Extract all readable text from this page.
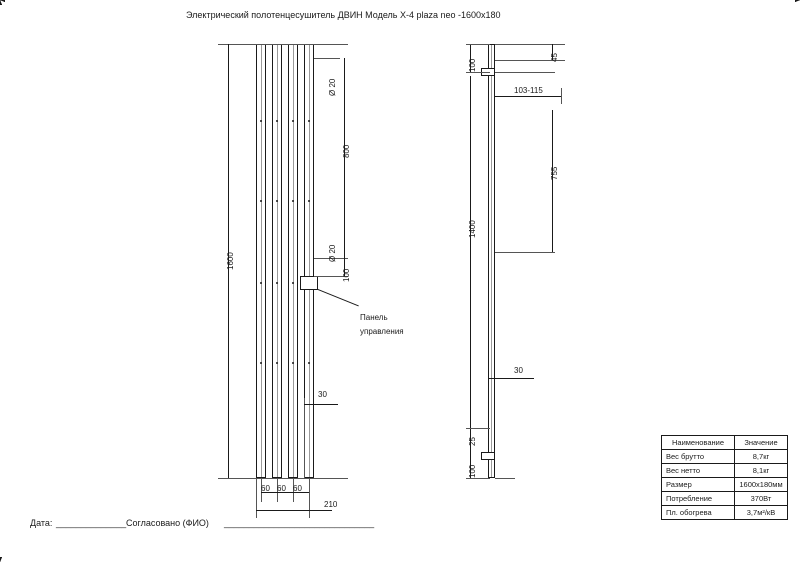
Электрический полотенцесушитель ДВИН Модель X-4 plaza neo -1600x180
Панель
управления
1600
Ø 20
800
Ø 20
100
30
60 60 60
210
45
100
103-115
755
1400
30
25
100
Наименование	Значение
Вес брутто	8,7кг
Вес нетто	8,1кг
Размер	1600x180мм
Потребление	370Вт
Пл. обогрева	3,7м²/кВ
Дата: ______________ Согласовано (ФИО) ______________________________
